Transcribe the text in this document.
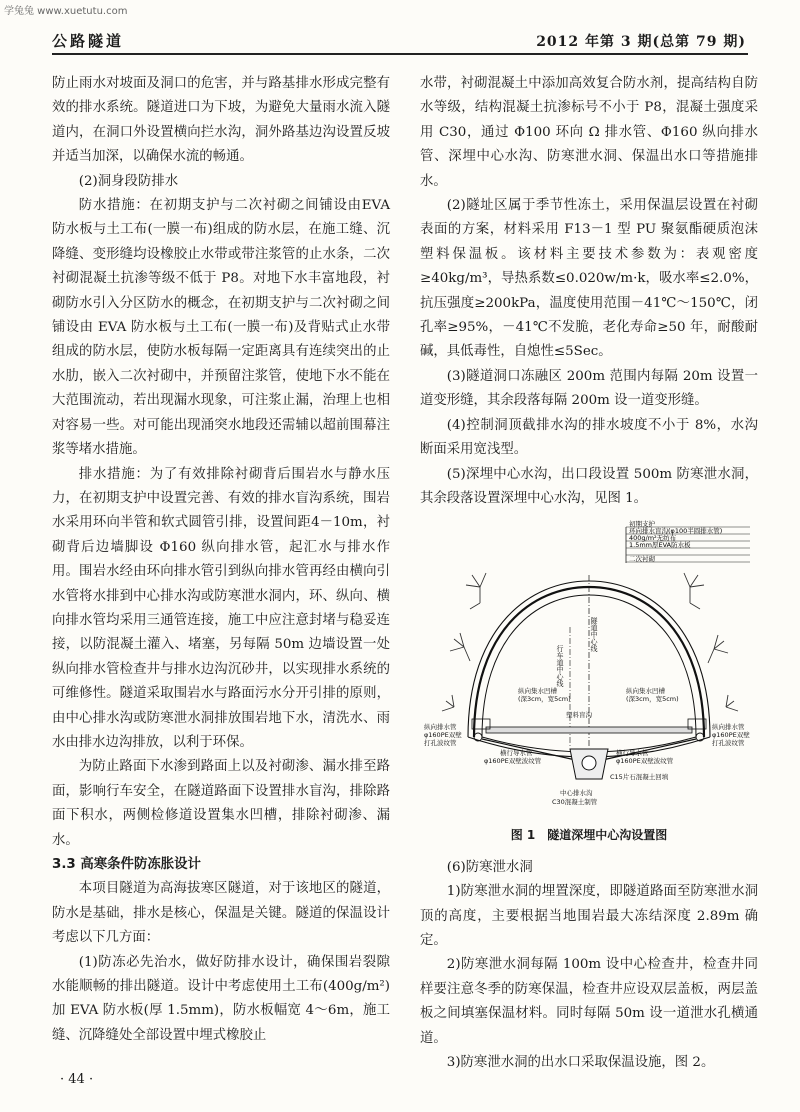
学兔兔 www.xuetutu.com
公路隧道	2012 年第 3 期(总第 79 期)

防止雨水对坡面及洞口的危害，并与路基排水形成完整有效的排水系统。隧道进口为下坡，为避免大量雨水流入隧道内，在洞口外设置横向拦水沟，洞外路基边沟设置反坡并适当加深，以确保水流的畅通。

(2)洞身段防排水

防水措施：在初期支护与二次衬砌之间铺设由EVA 防水板与土工布(一膜一布)组成的防水层，在施工缝、沉降缝、变形缝均设橡胶止水带或带注浆管的止水条，二次衬砌混凝土抗渗等级不低于 P8。对地下水丰富地段，衬砌防水引入分区防水的概念，在初期支护与二次衬砌之间铺设由 EVA 防水板与土工布(一膜一布)及背贴式止水带组成的防水层，使防水板每隔一定距离具有连续突出的止水肋，嵌入二次衬砌中，并预留注浆管，使地下水不能在大范围流动，若出现漏水现象，可注浆止漏，治理上也相对容易一些。对可能出现涌突水地段还需辅以超前围幕注浆等堵水措施。

排水措施：为了有效排除衬砌背后围岩水与静水压力，在初期支护中设置完善、有效的排水盲沟系统，围岩水采用环向半管和软式圆管引排，设置间距4－10m，衬砌背后边墙脚设 Φ160 纵向排水管，起汇水与排水作用。围岩水经由环向排水管引到纵向排水管再经由横向引水管将水排到中心排水沟或防寒泄水洞内，环、纵向、横向排水管均采用三通管连接，施工中应注意封堵与稳妥连接，以防混凝土灌入、堵塞，另每隔 50m 边墙设置一处纵向排水管检查井与排水边沟沉砂井，以实现排水系统的可维修性。隧道采取围岩水与路面污水分开引排的原则，由中心排水沟或防寒泄水洞排放围岩地下水，清洗水、雨水由排水边沟排放，以利于环保。

为防止路面下水渗到路面上以及衬砌渗、漏水排至路面，影响行车安全，在隧道路面下设置排水盲沟，排除路面下积水，两侧检修道设置集水凹槽，排除衬砌渗、漏水。

3.3 高寒条件防冻胀设计

本项目隧道为高海拔寒区隧道，对于该地区的隧道，防水是基础，排水是核心，保温是关键。隧道的保温设计考虑以下几方面：

(1)防冻必先治水，做好防排水设计，确保围岩裂隙水能顺畅的排出隧道。设计中考虑使用土工布(400g/m²)加 EVA 防水板(厚 1.5mm)，防水板幅宽 4～6m，施工缝、沉降缝处全部设置中埋式橡胶止

水带，衬砌混凝土中添加高效复合防水剂，提高结构自防水等级，结构混凝土抗渗标号不小于 P8，混凝土强度采用 C30，通过 Φ100 环向 Ω 排水管、Φ160 纵向排水管、深埋中心水沟、防寒泄水洞、保温出水口等措施排水。

(2)隧址区属于季节性冻土，采用保温层设置在衬砌表面的方案，材料采用 F13－1 型 PU 聚氨酯硬质泡沫塑料保温板。该材料主要技术参数为：表观密度≥40kg/m³，导热系数≤0.020w/m·k，吸水率≤2.0%，抗压强度≥200kPa，温度使用范围－41℃～150℃，闭孔率≥95%，－41℃不发脆，老化寿命≥50 年，耐酸耐碱，具低毒性，自熄性≤5Sec。

(3)隧道洞口冻融区 200m 范围内每隔 20m 设置一道变形缝，其余段落每隔 200m 设一道变形缝。

(4)控制洞顶截排水沟的排水坡度不小于 8%，水沟断面采用宽浅型。

(5)深埋中心水沟，出口段设置 500m 防寒泄水洞，其余段落设置深埋中心水沟，见图 1。

初期支护
环向排水盲沟(φ100半圆排水管)
400g/m²无纺布
1.5mm厚EVA防水板
二次衬砌
隧道中心线
行车道中心线
纵向集水凹槽
(深3cm，宽5cm)
纵向集水凹槽
(深3cm，宽5cm)
塑料盲沟
纵向排水管
φ160PE双壁
打孔波纹管
纵向排水管
φ160PE双壁
打孔波纹管
横行导水管
φ160PE双壁波纹管
横行导水管
φ160PE双壁波纹管
C15片石混凝土回填
中心排水沟
C30混凝土制管
图 1　隧道深埋中心沟设置图

(6)防寒泄水洞

1)防寒泄水洞的埋置深度，即隧道路面至防寒泄水洞顶的高度，主要根据当地围岩最大冻结深度 2.89m 确定。

2)防寒泄水洞每隔 100m 设中心检查井，检查井同样要注意冬季的防寒保温，检查井应设双层盖板，两层盖板之间填塞保温材料。同时每隔 50m 设一道泄水孔横通道。

3)防寒泄水洞的出水口采取保温设施，图 2。

· 44 ·
